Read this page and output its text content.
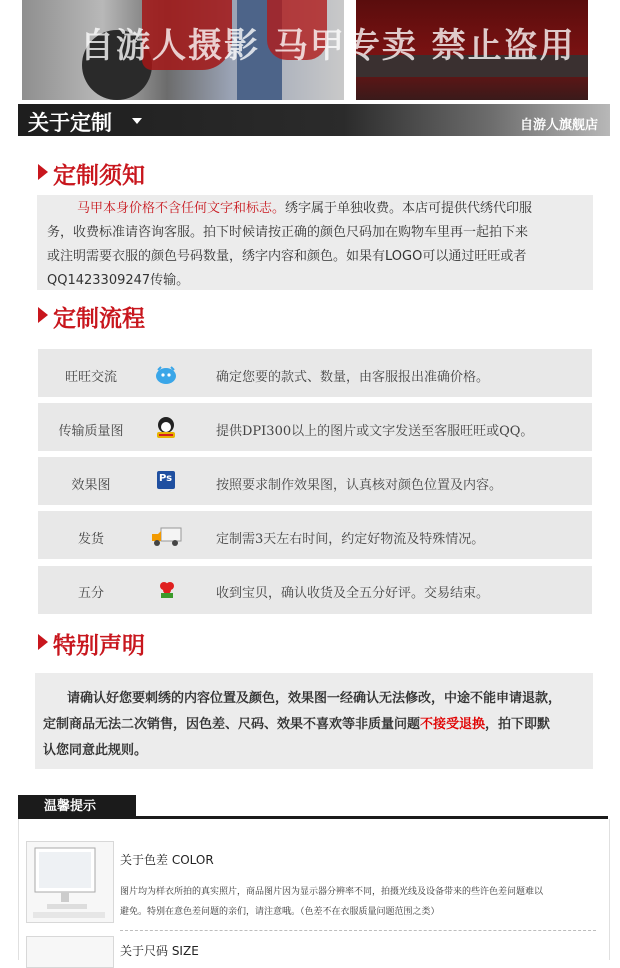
自游人摄影 马甲专卖 禁止盗用
关于定制	自游人旗舰店
定制须知
马甲本身价格不含任何文字和标志。绣字属于单独收费。本店可提供代绣代印服
务，收费标准请咨询客服。拍下时候请按正确的颜色尺码加在购物车里再一起拍下来
或注明需要衣服的颜色号码数量，绣字内容和颜色。如果有LOGO可以通过旺旺或者
QQ1423309247传输。
定制流程
旺旺交流	确定您要的款式、数量，由客服报出准确价格。
传输质量图	提供DPI300以上的图片或文字发送至客服旺旺或QQ。
效果图	Ps	按照要求制作效果图，认真核对颜色位置及内容。
发货	定制需3天左右时间，约定好物流及特殊情况。
五分	收到宝贝，确认收货及全五分好评。交易结束。
特别声明
请确认好您要刺绣的内容位置及颜色，效果图一经确认无法修改，中途不能申请退款，
定制商品无法二次销售，因色差、尺码、效果不喜欢等非质量问题不接受退换，拍下即默
认您同意此规则。
温馨提示
关于色差 COLOR
图片均为样衣所拍的真实照片，商品图片因为显示器分辨率不同，拍摄光线及设备带来的些许色差问题难以
避免。特别在意色差问题的亲们，请注意哦。（色差不在衣服质量问题范围之类）
关于尺码 SIZE
